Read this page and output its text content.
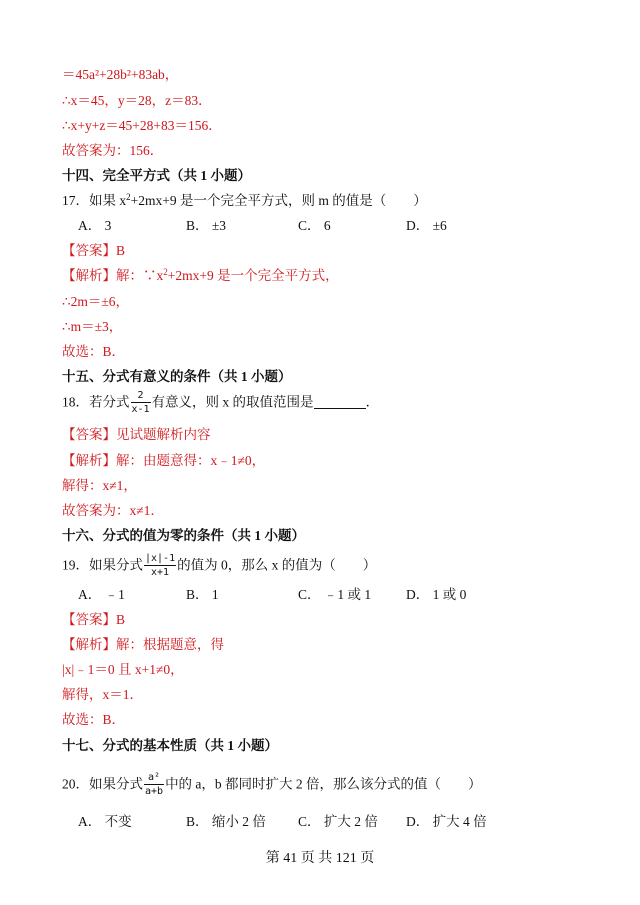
＝45a²+28b²+83ab，
∴x＝45，y＝28，z＝83．
∴x+y+z＝45+28+83＝156．
故答案为：156．
十四、完全平方式（共 1 小题）
17．如果 $x^2+2mx+9$ 是一个完全平方式，则 m 的值是（　　）
A． 3	B． ±3	C． 6	D． ±6
【答案】B
【解析】解：$\because x^2+2mx+9$ 是一个完全平方式，
∴2m＝±6，
∴m＝±3，
故选：B．
十五、分式有意义的条件（共 1 小题）
18．若分式 $\frac{2}{x-1}$ 有意义，则 x 的取值范围是	．
【答案】见试题解析内容
【解析】解：由题意得：x﹣1≠0，
解得：x≠1，
故答案为：x≠1．
十六、分式的值为零的条件（共 1 小题）
19．如果分式 $\frac{|x|-1}{x+1}$ 的值为 0，那么 x 的值为（　　）
A． ﹣1	B． 1	C． ﹣1 或 1	D． 1 或 0
【答案】B
【解析】解：根据题意，得
|x|﹣1＝0 且 x+1≠0，
解得，x＝1．
故选：B．
十七、分式的基本性质（共 1 小题）
20．如果分式 $\frac{\text{a²}}{a+b}$ 中的 a，b 都同时扩大 2 倍，那么该分式的值（　　）
A． 不变	B． 缩小 2 倍 C． 扩大 2 倍 D． 扩大 4 倍
第 41 页 共 121 页
